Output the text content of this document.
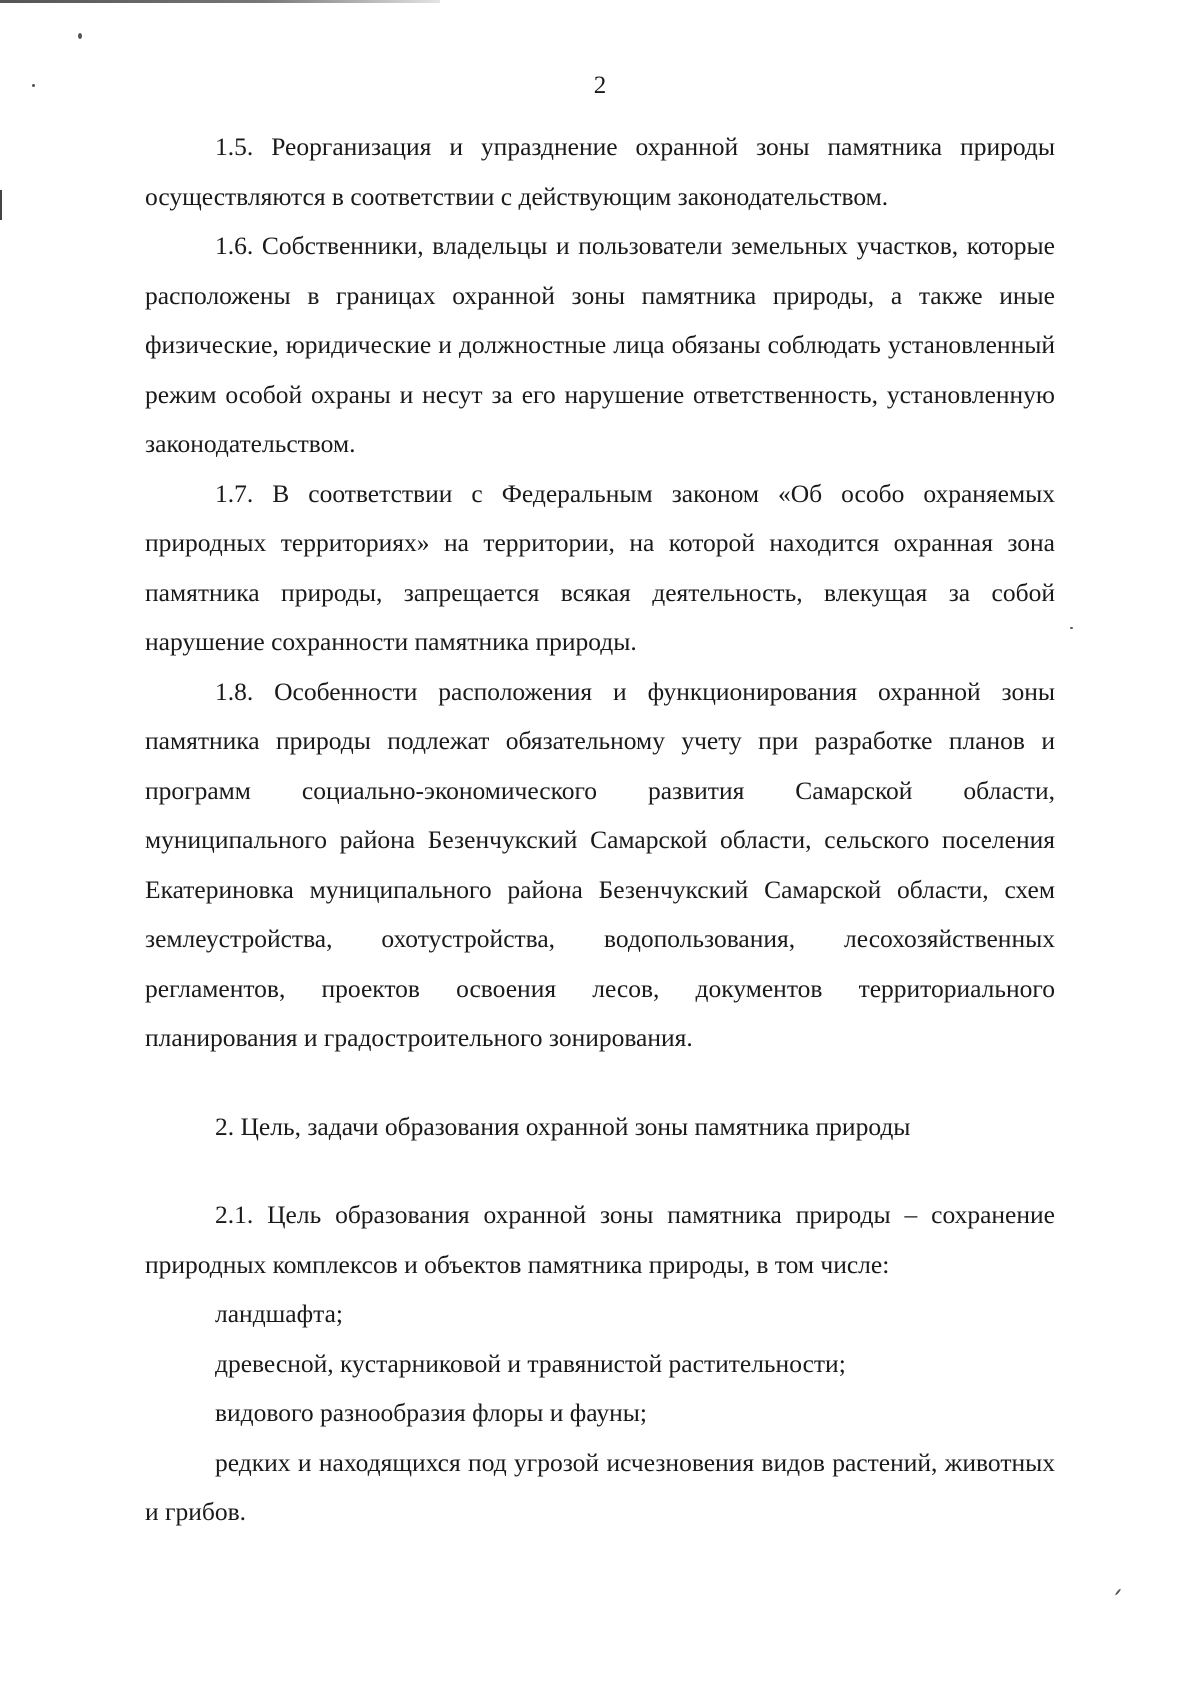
2

1.5. Реорганизация и упразднение охранной зоны памятника природы осуществляются в соответствии с действующим законодательством.

1.6. Собственники, владельцы и пользователи земельных участков, которые расположены в границах охранной зоны памятника природы, а также иные физические, юридические и должностные лица обязаны соблюдать установленный режим особой охраны и несут за его нарушение ответственность, установленную законодательством.

1.7. В соответствии с Федеральным законом «Об особо охраняемых природных территориях» на территории, на которой находится охранная зона памятника природы, запрещается всякая деятельность, влекущая за собой нарушение сохранности памятника природы.

1.8. Особенности расположения и функционирования охранной зоны памятника природы подлежат обязательному учету при разработке планов и программ социально-экономического развития Самарской области, муниципального района Безенчукский Самарской области, сельского поселения Екатериновка муниципального района Безенчукский Самарской области, схем землеустройства, охотустройства, водопользования, лесохозяйственных регламентов, проектов освоения лесов, документов территориального планирования и градостроительного зонирования.

2. Цель, задачи образования охранной зоны памятника природы

2.1. Цель образования охранной зоны памятника природы – сохранение природных комплексов и объектов памятника природы, в том числе:

ландшафта;

древесной, кустарниковой и травянистой растительности;

видового разнообразия флоры и фауны;

редких и находящихся под угрозой исчезновения видов растений, животных и грибов.
